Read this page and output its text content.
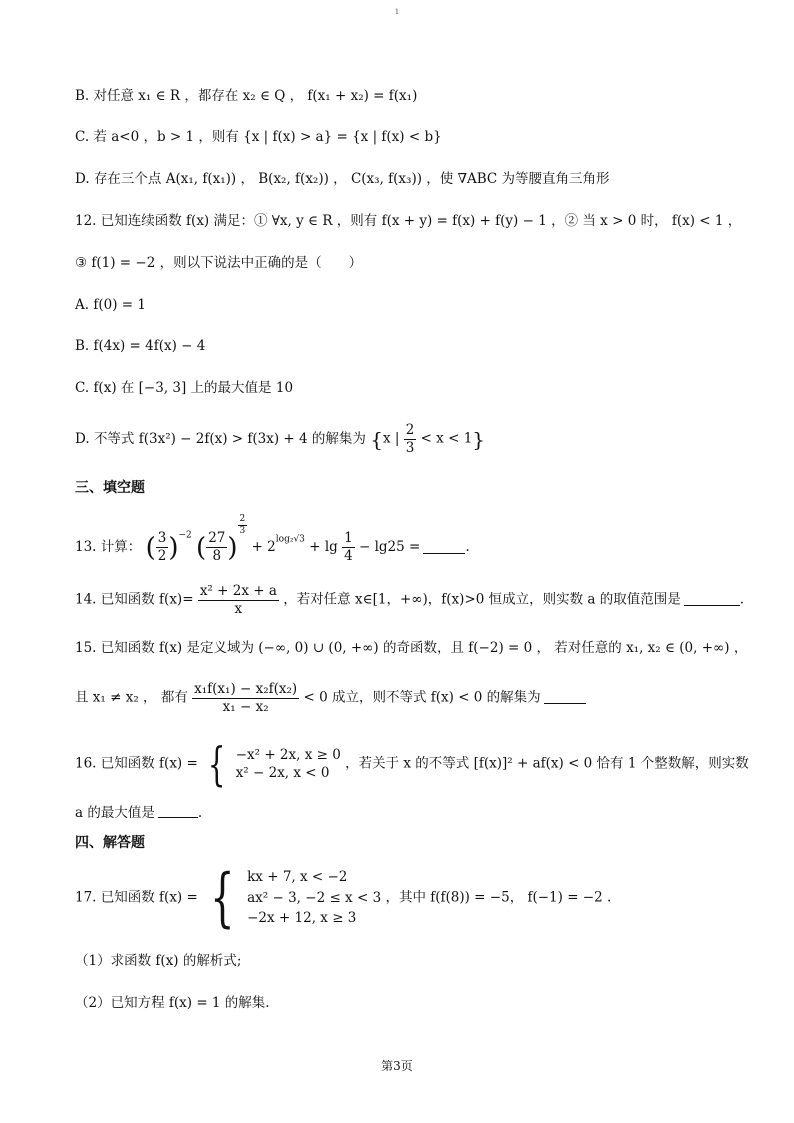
1
B. 对任意 x₁ ∈ R ，都存在 x₂ ∈ Q ， f(x₁ + x₂) = f(x₁)
C. 若 a<0 ，b > 1 ，则有 {x | f(x) > a} = {x | f(x) < b}
D. 存在三个点 A(x₁, f(x₁)) ， B(x₂, f(x₂)) ， C(x₃, f(x₃)) ，使 ∇ABC 为等腰直角三角形
12. 已知连续函数 f(x) 满足：① ∀x, y ∈ R ，则有 f(x + y) = f(x) + f(y) − 1 ，② 当 x > 0 时， f(x) < 1 ，
③ f(1) = −2 ，则以下说法中正确的是（　　）
A. f(0) = 1
B. f(4x) = 4f(x) − 4
C. f(x) 在 [−3, 3] 上的最大值是 10
D. 不等式 f(3x²) − 2f(x) > f(3x) + 4 的解集为 {x | $\frac{2}{3} < x < 1$}
三、填空题
13. 计算： ( $\frac{3}{2} )^{-2}$ ( $\frac{27}{8}$ )
$\frac{2}{3}$
+ $2^{log_2√3} + \lg \frac{1}{4} - \lg 25$ =	.
14. 已知函数 $f(x)= \frac{\text{x² + 2x + a}}{x}$ ，若对任意 x∈[1，+∞)，f(x)>0 恒成立，则实数 a 的取值范围是	.
15. 已知函数 f(x) 是定义域为 (−∞, 0) ∪ (0, +∞) 的奇函数，且 f(−2) = 0 ， 若对任意的 x₁, x₂ ∈ (0, +∞) ，
且 x₁ ≠ x₂ ， 都有 $\frac{\text{x₁f(x₁) − x₂f(x₂)}}{\text{x₁ − x₂}} < 0$ 成立，则不等式 f(x) < 0 的解集为
16. 已知函数 f(x) = { −x² + 2x, x ≥ 0
x² − 2x, x < 0
，若关于 x 的不等式 [f(x)]² + af(x) < 0 恰有 1 个整数解，则实数
a 的最大值是	.
四、解答题
17. 已知函数 f(x) = { kx + 7, x < −2
ax² − 3, −2 ≤ x < 3
−2x + 12, x ≥ 3
，其中 f(f(8)) = −5， f(−1) = −2 .
（1）求函数 f(x) 的解析式;
（2）已知方程 f(x) = 1 的解集.
第3页
